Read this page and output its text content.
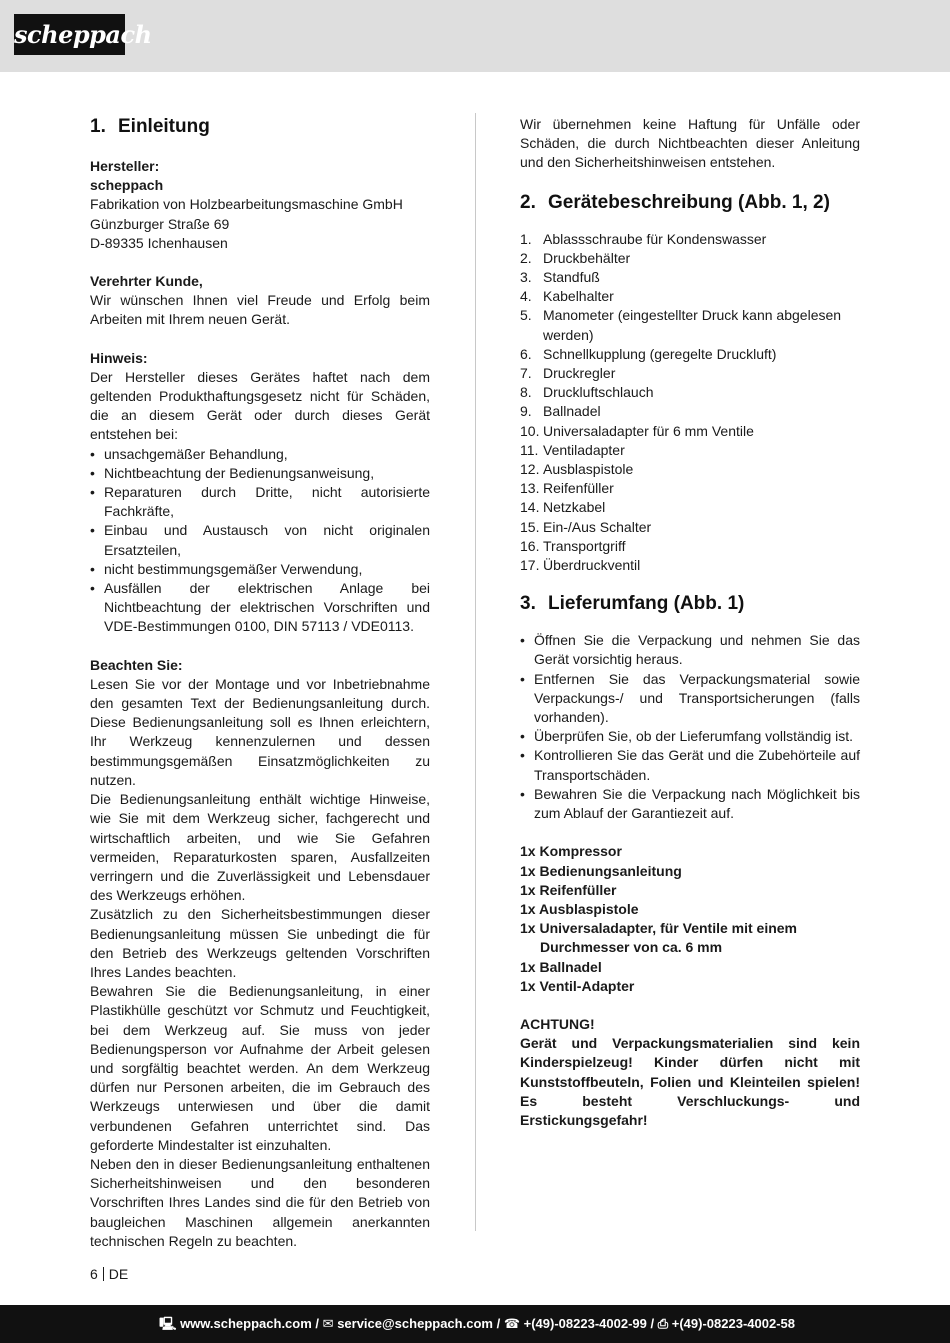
scheppach
1. Einleitung
Hersteller:
scheppach
Fabrikation von Holzbearbeitungsmaschine GmbH
Günzburger Straße 69
D-89335 Ichenhausen
Verehrter Kunde,

Wir wünschen Ihnen viel Freude und Erfolg beim Arbeiten mit Ihrem neuen Gerät.

Hinweis:

Der Hersteller dieses Gerätes haftet nach dem geltenden Produkthaftungsgesetz nicht für Schäden, die an diesem Gerät oder durch dieses Gerät entstehen bei:

• unsachgemäßer Behandlung,
• Nichtbeachtung der Bedienungsanweisung,
• Reparaturen durch Dritte, nicht autorisierte Fachkräfte,
• Einbau und Austausch von nicht originalen Ersatzteilen,
• nicht bestimmungsgemäßer Verwendung,
• Ausfällen der elektrischen Anlage bei Nichtbeachtung der elektrischen Vorschriften und VDE-Bestimmungen 0100, DIN 57113 / VDE0113.
Beachten Sie:

Lesen Sie vor der Montage und vor Inbetriebnahme den gesamten Text der Bedienungsanleitung durch. Diese Bedienungsanleitung soll es Ihnen erleichtern, Ihr Werkzeug kennenzulernen und dessen bestimmungsgemäßen Einsatzmöglichkeiten zu nutzen.

Die Bedienungsanleitung enthält wichtige Hinweise, wie Sie mit dem Werkzeug sicher, fachgerecht und wirtschaftlich arbeiten, und wie Sie Gefahren vermeiden, Reparaturkosten sparen, Ausfallzeiten verringern und die Zuverlässigkeit und Lebensdauer des Werkzeugs erhöhen.

Zusätzlich zu den Sicherheitsbestimmungen dieser Bedienungsanleitung müssen Sie unbedingt die für den Betrieb des Werkzeugs geltenden Vorschriften Ihres Landes beachten.

Bewahren Sie die Bedienungsanleitung, in einer Plastikhülle geschützt vor Schmutz und Feuchtigkeit, bei dem Werkzeug auf. Sie muss von jeder Bedienungsperson vor Aufnahme der Arbeit gelesen und sorgfältig beachtet werden. An dem Werkzeug dürfen nur Personen arbeiten, die im Gebrauch des Werkzeugs unterwiesen und über die damit verbundenen Gefahren unterrichtet sind. Das geforderte Mindestalter ist einzuhalten.

Neben den in dieser Bedienungsanleitung enthaltenen Sicherheitshinweisen und den besonderen Vorschriften Ihres Landes sind die für den Betrieb von baugleichen Maschinen allgemein anerkannten technischen Regeln zu beachten.

Wir übernehmen keine Haftung für Unfälle oder Schäden, die durch Nichtbeachten dieser Anleitung und den Sicherheitshinweisen entstehen.

2. Gerätebeschreibung (Abb. 1, 2)
1. Ablassschraube für Kondenswasser
2. Druckbehälter
3. Standfuß
4. Kabelhalter
5. Manometer (eingestellter Druck kann abgelesen werden)
6. Schnellkupplung (geregelte Druckluft)
7. Druckregler
8. Druckluftschlauch
9. Ballnadel
10. Universaladapter für 6 mm Ventile
11. Ventiladapter
12. Ausblaspistole
13. Reifenfüller
14. Netzkabel
15. Ein-/Aus Schalter
16. Transportgriff
17. Überdruckventil
3. Lieferumfang (Abb. 1)
• Öffnen Sie die Verpackung und nehmen Sie das Gerät vorsichtig heraus.
• Entfernen Sie das Verpackungsmaterial sowie Verpackungs-/ und Transportsicherungen (falls vorhanden).
• Überprüfen Sie, ob der Lieferumfang vollständig ist.
• Kontrollieren Sie das Gerät und die Zubehörteile auf Transportschäden.
• Bewahren Sie die Verpackung nach Möglichkeit bis zum Ablauf der Garantiezeit auf.
1x Kompressor
1x Bedienungsanleitung
1x Reifenfüller
1x Ausblaspistole
1x Universaladapter, für Ventile mit einem Durchmesser von ca. 6 mm
1x Ballnadel
1x Ventil-Adapter
ACHTUNG!

Gerät und Verpackungsmaterialien sind kein Kinderspielzeug! Kinder dürfen nicht mit Kunststoffbeuteln, Folien und Kleinteilen spielen! Es besteht Verschluckungs- und Erstickungsgefahr!

6 DE
🖳 www.scheppach.com / ✉ service@scheppach.com / ☎ +(49)-08223-4002-99 / ⎙ +(49)-08223-4002-58
